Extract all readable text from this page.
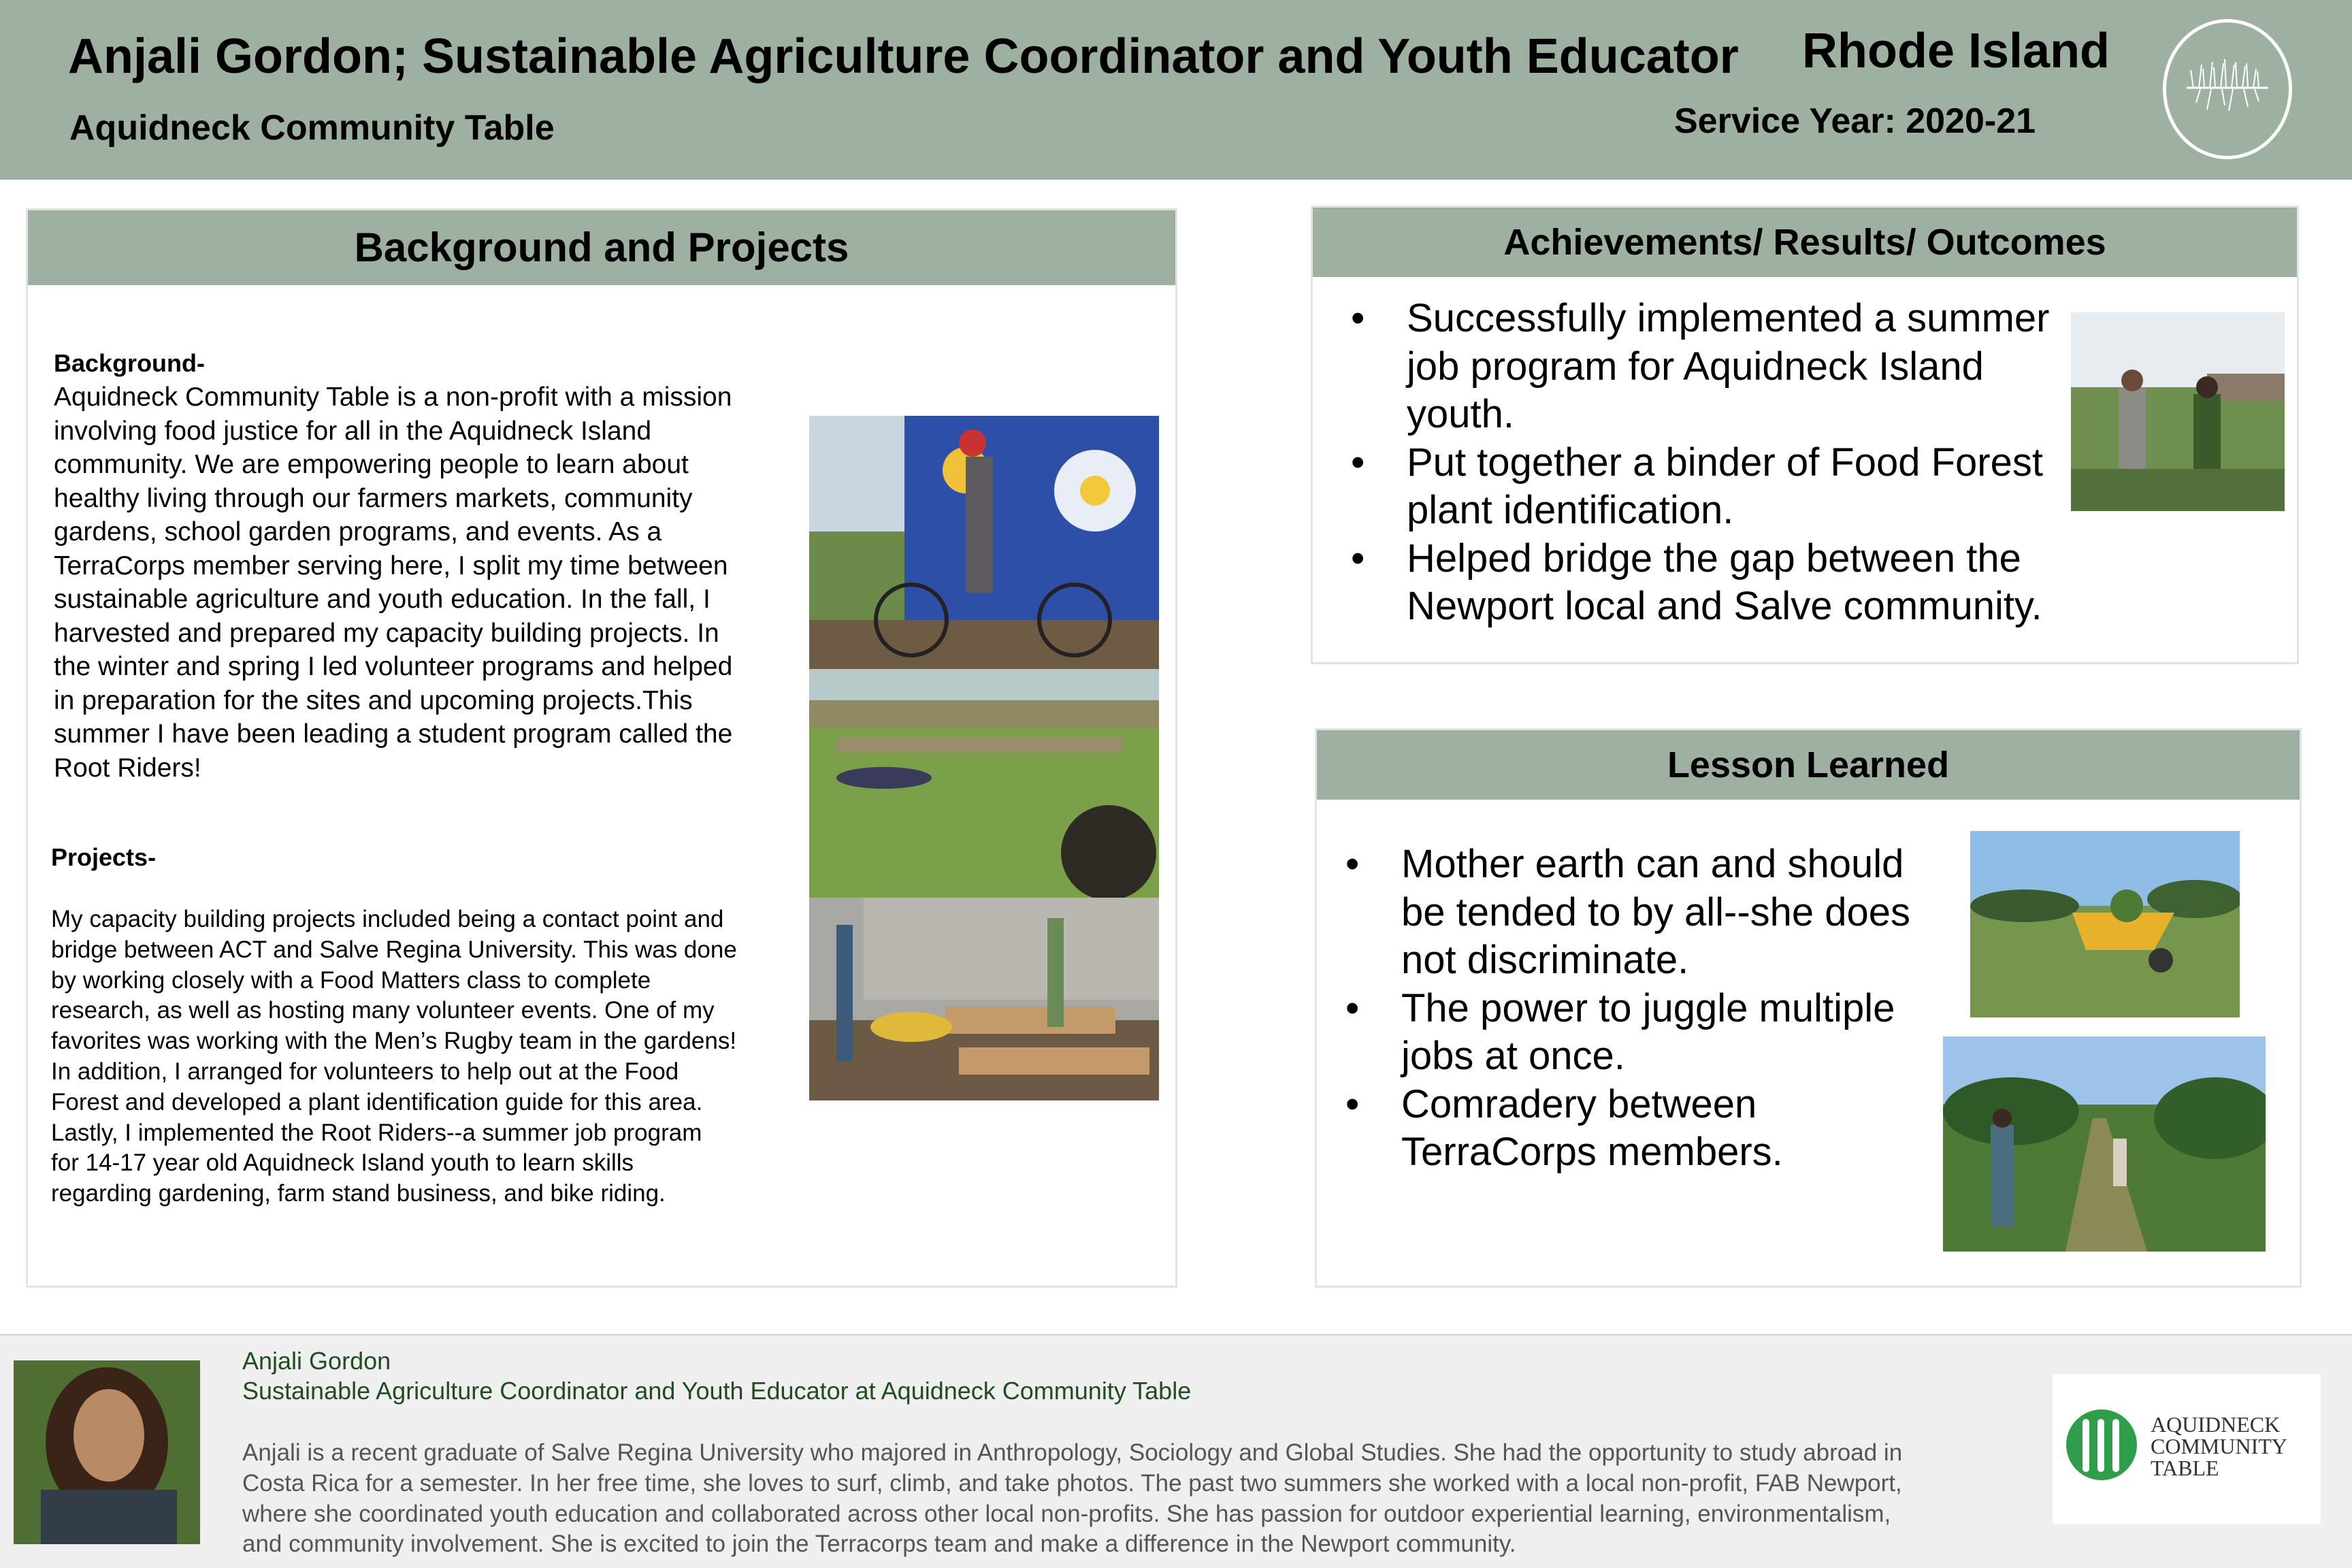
Anjali Gordon; Sustainable Agriculture Coordinator and Youth Educator
Aquidneck Community Table
Rhode Island
Service Year: 2020-21
Background and Projects
Background-

Aquidneck Community Table is a non-profit with a mission

involving food justice for all in the Aquidneck Island

community. We are empowering people to learn about

healthy living through our farmers markets, community

gardens, school garden programs, and events. As a

TerraCorps member serving here, I split my time between

sustainable agriculture and youth education. In the fall, I

harvested and prepared my capacity building projects. In

the winter and spring I led volunteer programs and helped

in preparation for the sites and upcoming projects.This

summer I have been leading a student program called the

Root Riders!

Projects-

My capacity building projects included being a contact point and

bridge between ACT and Salve Regina University. This was done

by working closely with a Food Matters class to complete

research, as well as hosting many volunteer events. One of my

favorites was working with the Men’s Rugby team in the gardens!

In addition, I arranged for volunteers to help out at the Food

Forest and developed a plant identification guide for this area.

Lastly, I implemented the Root Riders--a summer job program

for 14-17 year old Aquidneck Island youth to learn skills

regarding gardening, farm stand business, and bike riding.

Achievements/ Results/ Outcomes
• Successfully implemented a summer

job program for Aquidneck Island

youth.

• Put together a binder of Food Forest

plant identification.

• Helped bridge the gap between the

Newport local and Salve community.

Lesson Learned
• Mother earth can and should

be tended to by all--she does

not discriminate.

• The power to juggle multiple

jobs at once.

• Comradery between

TerraCorps members.

Anjali Gordon
Sustainable Agriculture Coordinator and Youth Educator at Aquidneck Community Table

Anjali is a recent graduate of Salve Regina University who majored in Anthropology, Sociology and Global Studies. She had the opportunity to study abroad in

Costa Rica for a semester. In her free time, she loves to surf, climb, and take photos. The past two summers she worked with a local non-profit, FAB Newport,

where she coordinated youth education and collaborated across other local non-profits. She has passion for outdoor experiential learning, environmentalism,

and community involvement. She is excited to join the Terracorps team and make a difference in the Newport community.

AQUIDNECK

COMMUNITY

TABLE
